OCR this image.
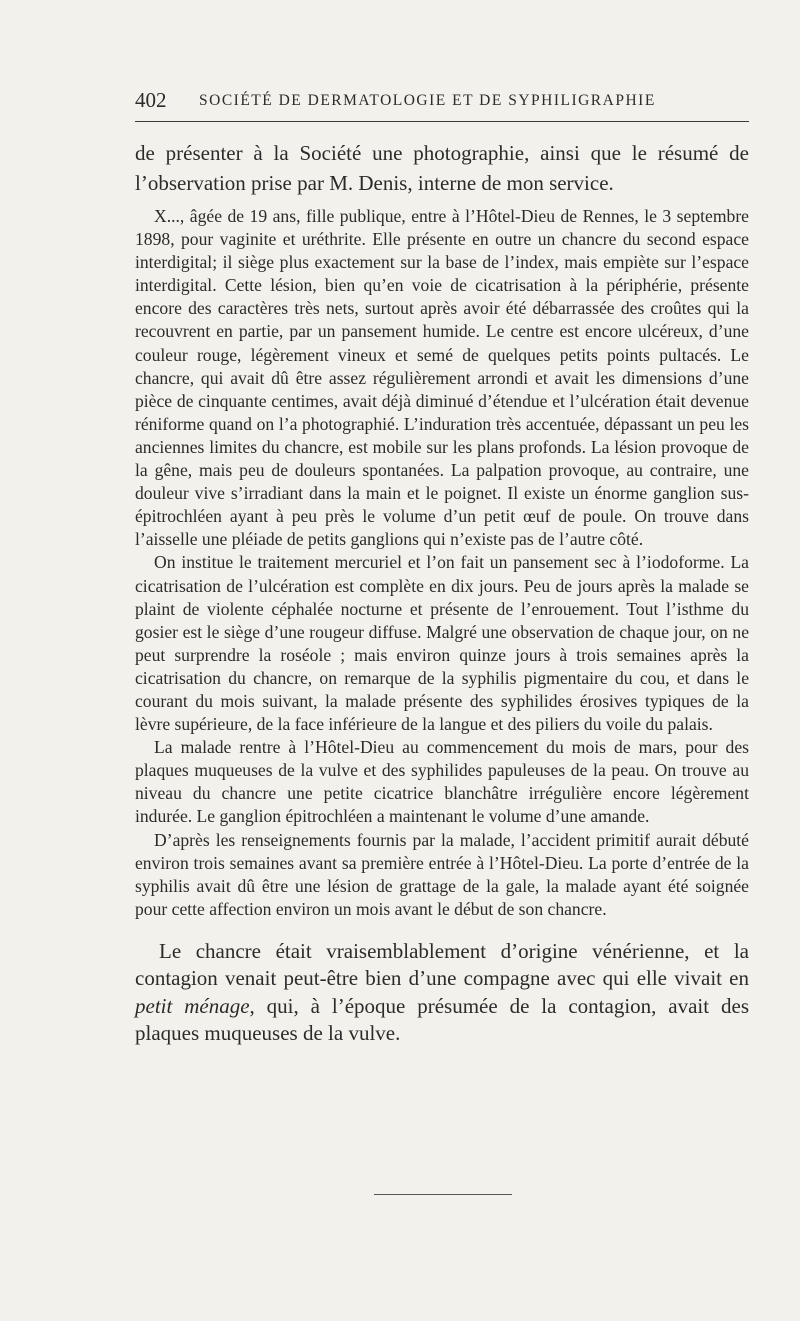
402 SOCIÉTÉ DE DERMATOLOGIE ET DE SYPHILIGRAPHIE

de présenter à la Société une photographie, ainsi que le résumé de l’observation prise par M. Denis, interne de mon service.

X..., âgée de 19 ans, fille publique, entre à l’Hôtel-Dieu de Rennes, le 3 septembre 1898, pour vaginite et uréthrite. Elle présente en outre un chancre du second espace interdigital; il siège plus exactement sur la base de l’index, mais empiète sur l’espace interdigital. Cette lésion, bien qu’en voie de cicatrisation à la périphérie, présente encore des caractères très nets, surtout après avoir été débarrassée des croûtes qui la recouvrent en partie, par un pansement humide. Le centre est encore ulcéreux, d’une couleur rouge, légèrement vineux et semé de quelques petits points pultacés. Le chancre, qui avait dû être assez régulièrement arrondi et avait les dimensions d’une pièce de cinquante centimes, avait déjà diminué d’étendue et l’ulcération était devenue réniforme quand on l’a photographié. L’induration très accentuée, dépassant un peu les anciennes limites du chancre, est mobile sur les plans profonds. La lésion provoque de la gêne, mais peu de douleurs spontanées. La palpation provoque, au contraire, une douleur vive s’irradiant dans la main et le poignet. Il existe un énorme ganglion sus-épitrochléen ayant à peu près le volume d’un petit œuf de poule. On trouve dans l’aisselle une pléiade de petits ganglions qui n’existe pas de l’autre côté.

On institue le traitement mercuriel et l’on fait un pansement sec à l’iodoforme. La cicatrisation de l’ulcération est complète en dix jours. Peu de jours après la malade se plaint de violente céphalée nocturne et présente de l’enrouement. Tout l’isthme du gosier est le siège d’une rougeur diffuse. Malgré une observation de chaque jour, on ne peut surprendre la roséole ; mais environ quinze jours à trois semaines après la cicatrisation du chancre, on remarque de la syphilis pigmentaire du cou, et dans le courant du mois suivant, la malade présente des syphilides érosives typiques de la lèvre supérieure, de la face inférieure de la langue et des piliers du voile du palais.

La malade rentre à l’Hôtel-Dieu au commencement du mois de mars, pour des plaques muqueuses de la vulve et des syphilides papuleuses de la peau. On trouve au niveau du chancre une petite cicatrice blanchâtre irrégulière encore légèrement indurée. Le ganglion épitrochléen a maintenant le volume d’une amande.

D’après les renseignements fournis par la malade, l’accident primitif aurait débuté environ trois semaines avant sa première entrée à l’Hôtel-Dieu. La porte d’entrée de la syphilis avait dû être une lésion de grattage de la gale, la malade ayant été soignée pour cette affection environ un mois avant le début de son chancre.

Le chancre était vraisemblablement d’origine vénérienne, et la contagion venait peut-être bien d’une compagne avec qui elle vivait en petit ménage, qui, à l’époque présumée de la contagion, avait des plaques muqueuses de la vulve.
